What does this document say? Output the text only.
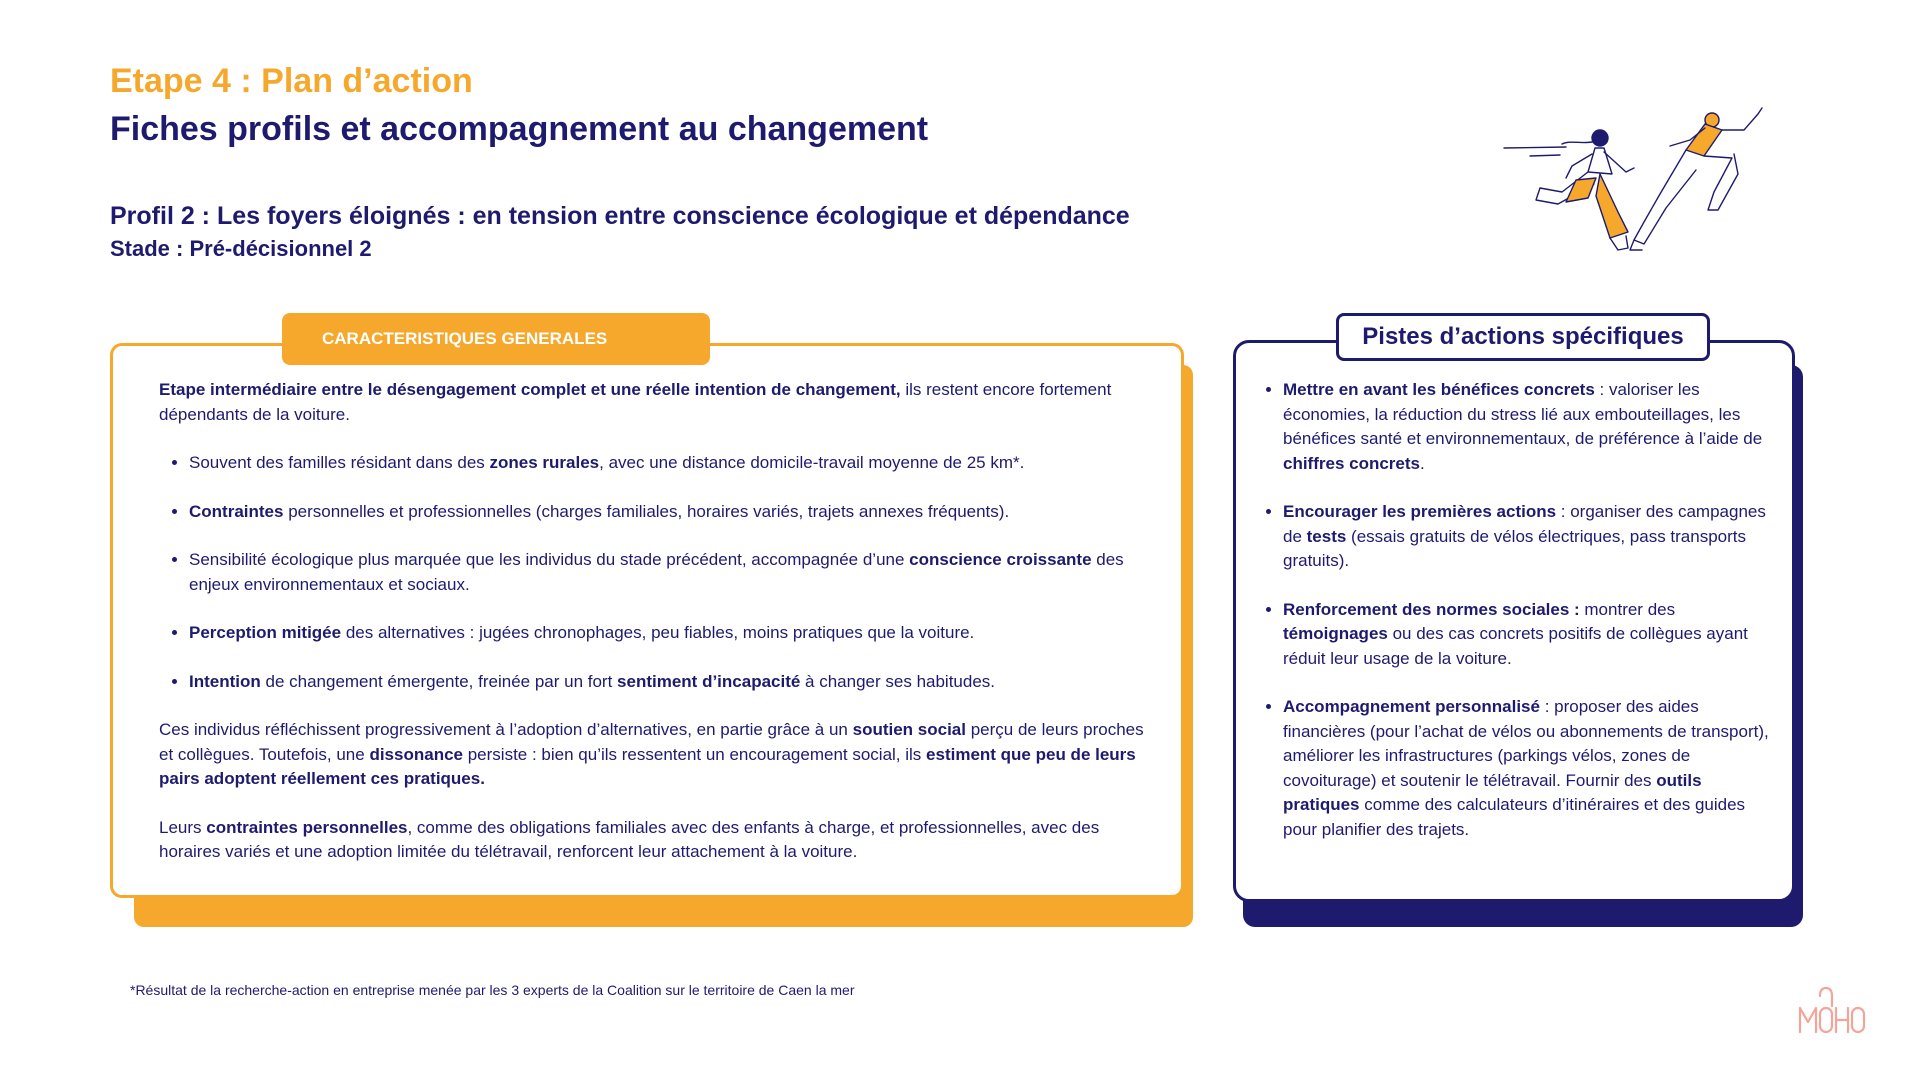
Etape 4 : Plan d’action
Fiches profils et accompagnement au changement
Profil 2 : Les foyers éloignés : en tension entre conscience écologique et dépendance
Stade : Pré-décisionnel 2
CARACTERISTIQUES GENERALES

Etape intermédiaire entre le désengagement complet et une réelle intention de changement, ils restent encore fortement dépendants de la voiture.

• Souvent des familles résidant dans des zones rurales, avec une distance domicile-travail moyenne de 25 km*.
• Contraintes personnelles et professionnelles (charges familiales, horaires variés, trajets annexes fréquents).
• Sensibilité écologique plus marquée que les individus du stade précédent, accompagnée d’une conscience croissante des enjeux environnementaux et sociaux.
• Perception mitigée des alternatives : jugées chronophages, peu fiables, moins pratiques que la voiture.
• Intention de changement émergente, freinée par un fort sentiment d’incapacité à changer ses habitudes.

Ces individus réfléchissent progressivement à l’adoption d’alternatives, en partie grâce à un soutien social perçu de leurs proches et collègues. Toutefois, une dissonance persiste : bien qu’ils ressentent un encouragement social, ils estiment que peu de leurs pairs adoptent réellement ces pratiques.

Leurs contraintes personnelles, comme des obligations familiales avec des enfants à charge, et professionnelles, avec des horaires variés et une adoption limitée du télétravail, renforcent leur attachement à la voiture.

Pistes d’actions spécifiques
• Mettre en avant les bénéfices concrets : valoriser les économies, la réduction du stress lié aux embouteillages, les bénéfices santé et environnementaux, de préférence à l’aide de chiffres concrets.
• Encourager les premières actions : organiser des campagnes de tests (essais gratuits de vélos électriques, pass transports gratuits).
• Renforcement des normes sociales : montrer des témoignages ou des cas concrets positifs de collègues ayant réduit leur usage de la voiture.
• Accompagnement personnalisé : proposer des aides financières (pour l’achat de vélos ou abonnements de transport), améliorer les infrastructures (parkings vélos, zones de covoiturage) et soutenir le télétravail. Fournir des outils pratiques comme des calculateurs d’itinéraires et des guides pour planifier des trajets.
*Résultat de la recherche-action en entreprise menée par les 3 experts de la Coalition sur le territoire de Caen la mer
